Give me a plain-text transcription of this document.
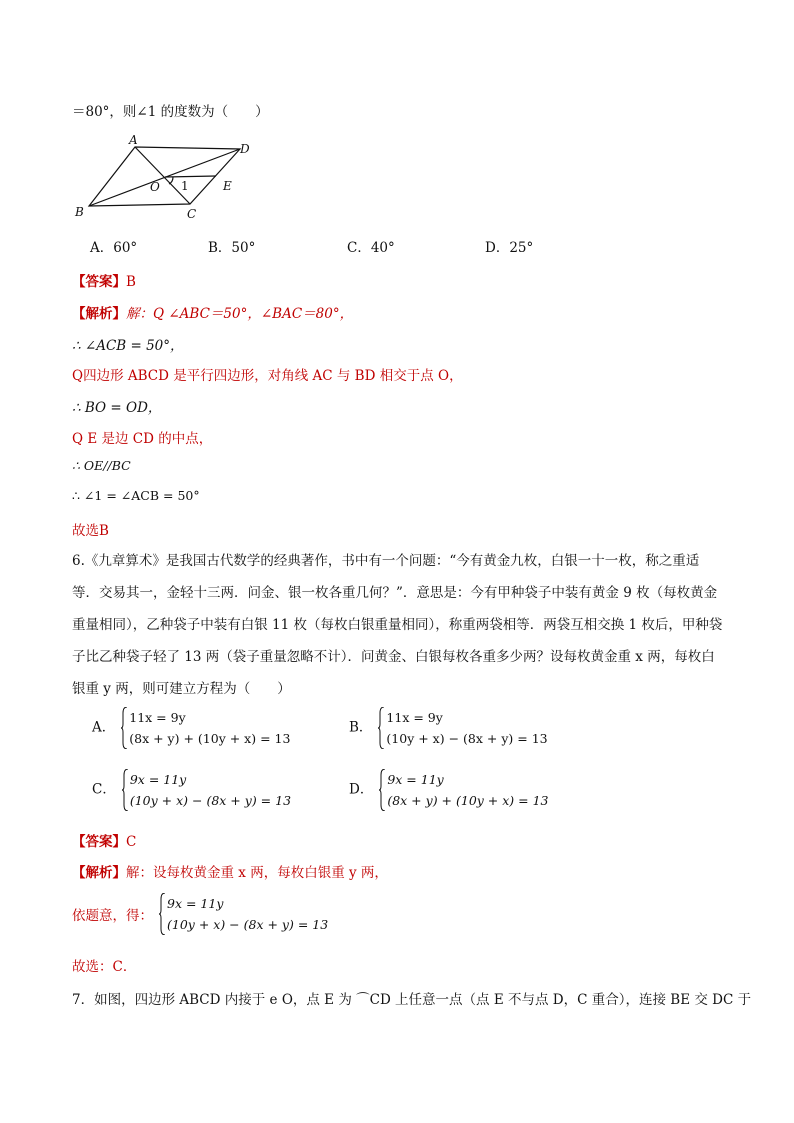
＝80°，则∠1 的度数为（　　）
A
D
O	E
B	C
1
A．60°	B．50°	C．40°	D．25°
【答案】B
【解析】解：Q ∠ABC＝50°，∠BAC＝80°，
∴ ∠ACB = 50°，
Q四边形 ABCD 是平行四边形，对角线 AC 与 BD 相交于点 O，
∴ BO = OD，
Q E 是边 CD 的中点，
∴ OE//BC
∴ ∠1 = ∠ACB = 50°
故选B
6.《九章算术》是我国古代数学的经典著作，书中有一个问题：“今有黄金九枚，白银一十一枚，称之重适等．交易其一，金轻十三两．问金、银一枚各重几何？”．意思是：今有甲种袋子中装有黄金 9 枚（每枚黄金重量相同），乙种袋子中装有白银 11 枚（每枚白银重量相同），称重两袋相等．两袋互相交换 1 枚后，甲种袋子比乙种袋子轻了 13 两（袋子重量忽略不计）．问黄金、白银每枚各重多少两？设每枚黄金重 x 两，每枚白银重 y 两，则可建立方程为（　　）
A．
11x = 9y
(8x + y) + (10y + x) = 13
B．
11x = 9y
(10y + x) − (8x + y) = 13
C．
9x = 11y
(10y + x) − (8x + y) = 13
D．
9x = 11y
(8x + y) + (10y + x) = 13
【答案】C
【解析】解：设每枚黄金重 x 两，每枚白银重 y 两，
依题意，得：
9x = 11y
(10y + x) − (8x + y) = 13
故选：C．
7．如图，四边形 ABCD 内接于 e O，点 E 为 ⌒CD 上任意一点（点 E 不与点 D，C 重合），连接 BE 交 DC 于
